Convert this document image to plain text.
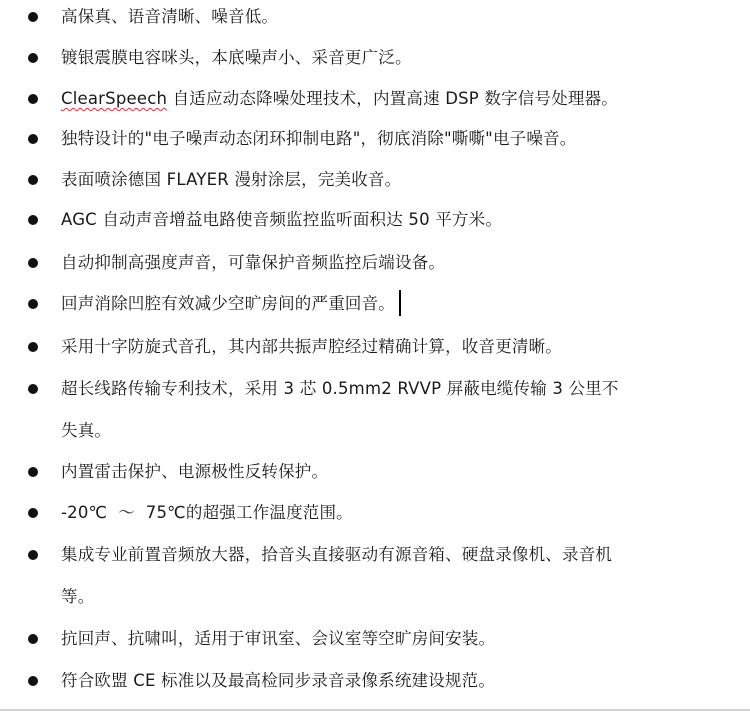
高保真、语音清晰、噪音低。
镀银震膜电容咪头，本底噪声小、采音更广泛。
ClearSpeech 自适应动态降噪处理技术，内置高速 DSP 数字信号处理器。
独特设计的"电子噪声动态闭环抑制电路"，彻底消除"嘶嘶"电子噪音。
表面喷涂德国 FLAYER 漫射涂层，完美收音。
AGC 自动声音增益电路使音频监控监听面积达 50 平方米。
自动抑制高强度声音，可靠保护音频监控后端设备。
回声消除凹腔有效减少空旷房间的严重回音。
采用十字防旋式音孔，其内部共振声腔经过精确计算，收音更清晰。
超长线路传输专利技术，采用 3 芯 0.5mm2 RVVP 屏蔽电缆传输 3 公里不
失真。
内置雷击保护、电源极性反转保护。
-20℃  ～  75℃的超强工作温度范围。
集成专业前置音频放大器，拾音头直接驱动有源音箱、硬盘录像机、录音机
等。
抗回声、抗啸叫，适用于审讯室、会议室等空旷房间安装。
符合欧盟 CE 标准以及最高检同步录音录像系统建设规范。
